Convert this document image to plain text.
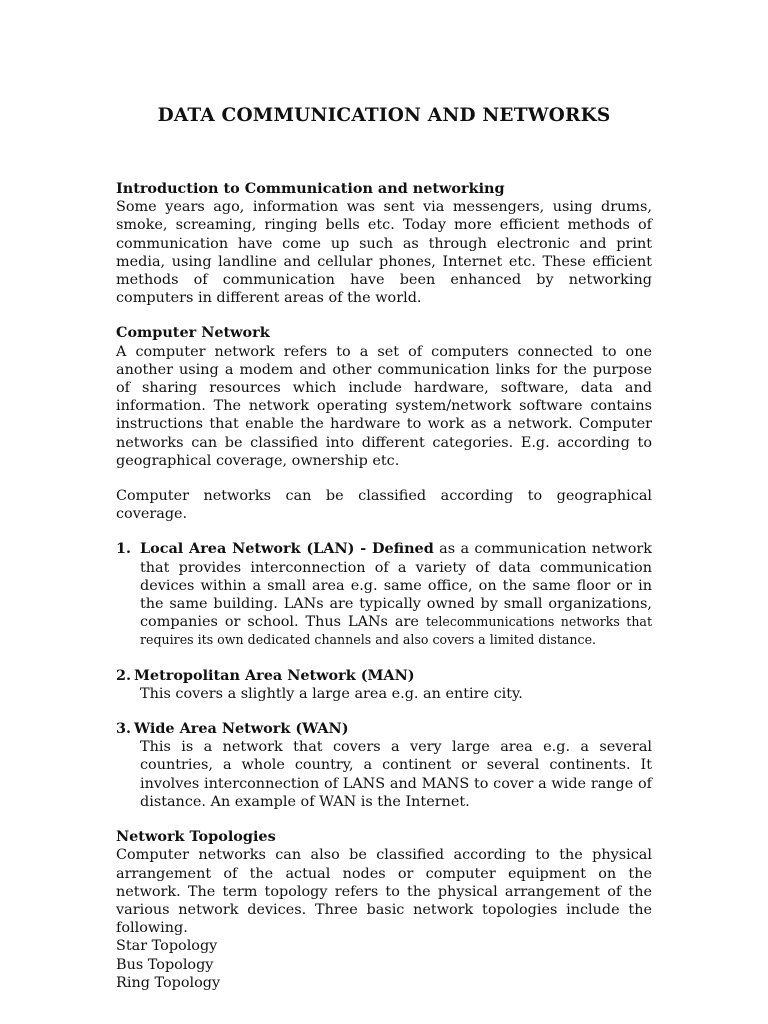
DATA COMMUNICATION AND NETWORKS
Introduction to Communication and networking

Some years ago, information was sent via messengers, using drums, smoke, screaming, ringing bells etc. Today more efficient methods of communication have come up such as through electronic and print media, using landline and cellular phones, Internet etc. These efficient methods of communication have been enhanced by networking computers in different areas of the world.

Computer Network

A computer network refers to a set of computers connected to one another using a modem and other communication links for the purpose of sharing resources which include hardware, software, data and information. The network operating system/network software contains instructions that enable the hardware to work as a network. Computer networks can be classified into different categories. E.g. according to geographical coverage, ownership etc.

Computer networks can be classified according to geographical coverage.

1. Local Area Network (LAN) - Defined as a communication network that provides interconnection of a variety of data communication devices within a small area e.g. same office, on the same floor or in the same building. LANs are typically owned by small organizations, companies or school. Thus LANs are telecommunications networks that requires its own dedicated channels and also covers a limited distance.
2. Metropolitan Area Network (MAN)
This covers a slightly a large area e.g. an entire city.
3. Wide Area Network (WAN)
This is a network that covers a very large area e.g. a several countries, a whole country, a continent or several continents. It involves interconnection of LANS and MANS to cover a wide range of distance. An example of WAN is the Internet.
Network Topologies

Computer networks can also be classified according to the physical arrangement of the actual nodes or computer equipment on the network. The term topology refers to the physical arrangement of the various network devices. Three basic network topologies include the following.

Star Topology
Bus Topology
Ring Topology
